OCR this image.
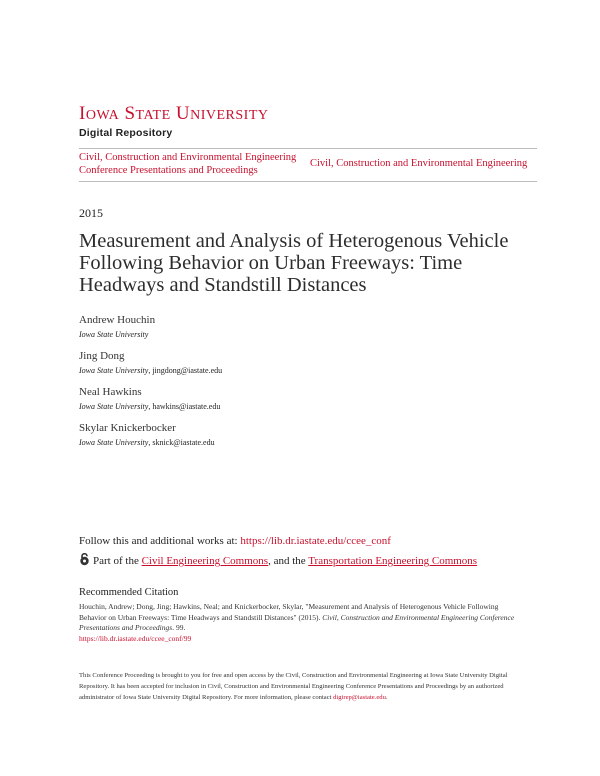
IOWA STATE UNIVERSITY
Digital Repository
Civil, Construction and Environmental Engineering
Conference Presentations and Proceedings
Civil, Construction and Environmental Engineering
2015
Measurement and Analysis of Heterogenous Vehicle Following Behavior on Urban Freeways: Time Headways and Standstill Distances
Andrew Houchin
Iowa State University
Jing Dong
Iowa State University, jingdong@iastate.edu
Neal Hawkins
Iowa State University, hawkins@iastate.edu
Skylar Knickerbocker
Iowa State University, sknick@iastate.edu
Follow this and additional works at: https://lib.dr.iastate.edu/ccee_conf
Part of the Civil Engineering Commons, and the Transportation Engineering Commons
Recommended Citation
Houchin, Andrew; Dong, Jing; Hawkins, Neal; and Knickerbocker, Skylar, "Measurement and Analysis of Heterogenous Vehicle Following Behavior on Urban Freeways: Time Headways and Standstill Distances" (2015). Civil, Construction and Environmental Engineering Conference Presentations and Proceedings. 99.
https://lib.dr.iastate.edu/ccee_conf/99
This Conference Proceeding is brought to you for free and open access by the Civil, Construction and Environmental Engineering at Iowa State University Digital Repository. It has been accepted for inclusion in Civil, Construction and Environmental Engineering Conference Presentations and Proceedings by an authorized administrator of Iowa State University Digital Repository. For more information, please contact digirep@iastate.edu.
